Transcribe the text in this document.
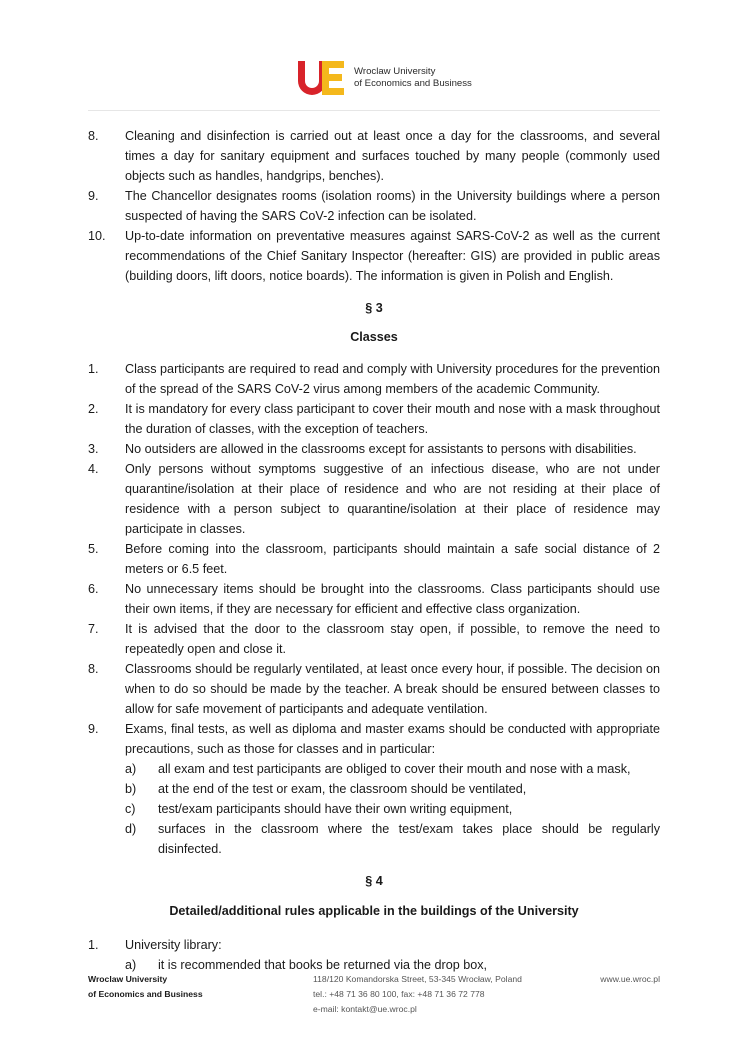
Wroclaw University
of Economics and Business
8. Cleaning and disinfection is carried out at least once a day for the classrooms, and several times a day for sanitary equipment and surfaces touched by many people (commonly used objects such as handles, handgrips, benches).
9. The Chancellor designates rooms (isolation rooms) in the University buildings where a person suspected of having the SARS CoV-2 infection can be isolated.
10. Up-to-date information on preventative measures against SARS-CoV-2 as well as the current recommendations of the Chief Sanitary Inspector (hereafter: GIS) are provided in public areas (building doors, lift doors, notice boards). The information is given in Polish and English.
§ 3
Classes
1. Class participants are required to read and comply with University procedures for the prevention of the spread of the SARS CoV-2 virus among members of the academic Community.
2. It is mandatory for every class participant to cover their mouth and nose with a mask throughout the duration of classes, with the exception of teachers.
3. No outsiders are allowed in the classrooms except for assistants to persons with disabilities.
4. Only persons without symptoms suggestive of an infectious disease, who are not under quarantine/isolation at their place of residence and who are not residing at their place of residence with a person subject to quarantine/isolation at their place of residence may participate in classes.
5. Before coming into the classroom, participants should maintain a safe social distance of 2 meters or 6.5 feet.
6. No unnecessary items should be brought into the classrooms. Class participants should use their own items, if they are necessary for efficient and effective class organization.
7. It is advised that the door to the classroom stay open, if possible, to remove the need to repeatedly open and close it.
8. Classrooms should be regularly ventilated, at least once every hour, if possible. The decision on when to do so should be made by the teacher. A break should be ensured between classes to allow for safe movement of participants and adequate ventilation.
9. Exams, final tests, as well as diploma and master exams should be conducted with appropriate precautions, such as those for classes and in particular:
a) all exam and test participants are obliged to cover their mouth and nose with a mask,
b) at the end of the test or exam, the classroom should be ventilated,
c) test/exam participants should have their own writing equipment,
d) surfaces in the classroom where the test/exam takes place should be regularly disinfected.
§ 4
Detailed/additional rules applicable in the buildings of the University
1. University library:
a) it is recommended that books be returned via the drop box,
Wroclaw University
of Economics and Business
118/120 Komandorska Street, 53-345 Wrocław, Poland
tel.: +48 71 36 80 100, fax: +48 71 36 72 778
e-mail: kontakt@ue.wroc.pl
www.ue.wroc.pl
